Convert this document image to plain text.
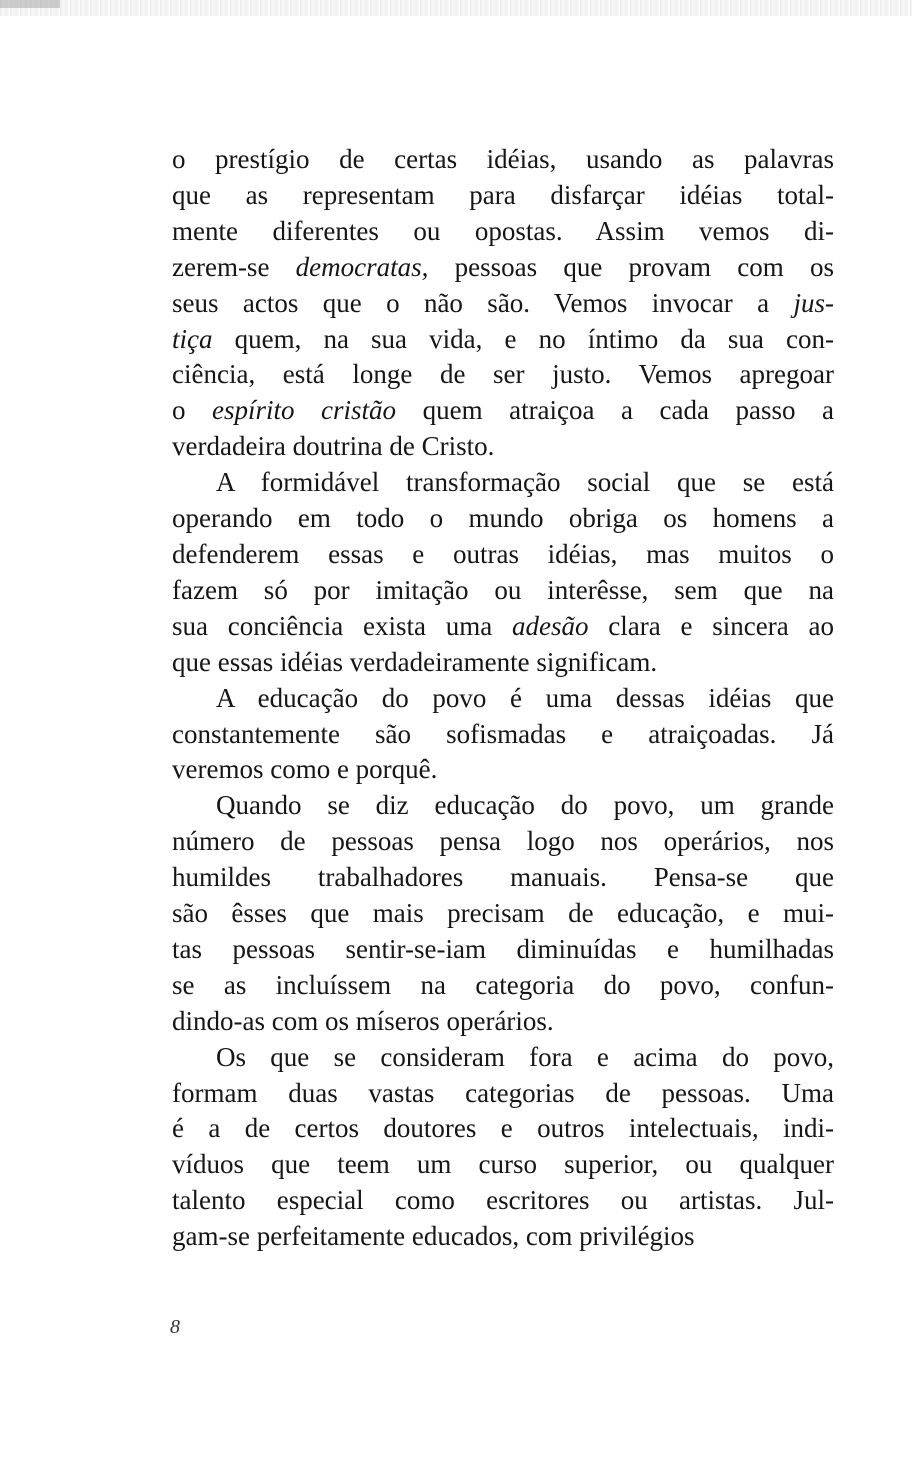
o prestígio de certas idéias, usando as palavras
que as representam para disfarçar idéias total-
mente diferentes ou opostas. Assim vemos di-
zerem-se democratas, pessoas que provam com os
seus actos que o não são. Vemos invocar a jus-
tiça quem, na sua vida, e no íntimo da sua con-
ciência, está longe de ser justo. Vemos apregoar
o espírito cristão quem atraiçoa a cada passo a
verdadeira doutrina de Cristo.

A formidável transformação social que se está
operando em todo o mundo obriga os homens a
defenderem essas e outras idéias, mas muitos o
fazem só por imitação ou interêsse, sem que na
sua conciência exista uma adesão clara e sincera ao
que essas idéias verdadeiramente significam.

A educação do povo é uma dessas idéias que
constantemente são sofismadas e atraiçoadas. Já
veremos como e porquê.

Quando se diz educação do povo, um grande
número de pessoas pensa logo nos operários, nos
humildes trabalhadores manuais. Pensa-se que
são êsses que mais precisam de educação, e mui-
tas pessoas sentir-se-iam diminuídas e humilhadas
se as incluíssem na categoria do povo, confun-
dindo-as com os míseros operários.

Os que se consideram fora e acima do povo,
formam duas vastas categorias de pessoas. Uma
é a de certos doutores e outros intelectuais, indi-
víduos que teem um curso superior, ou qualquer
talento especial como escritores ou artistas. Jul-
gam-se perfeitamente educados, com privilégios

8
